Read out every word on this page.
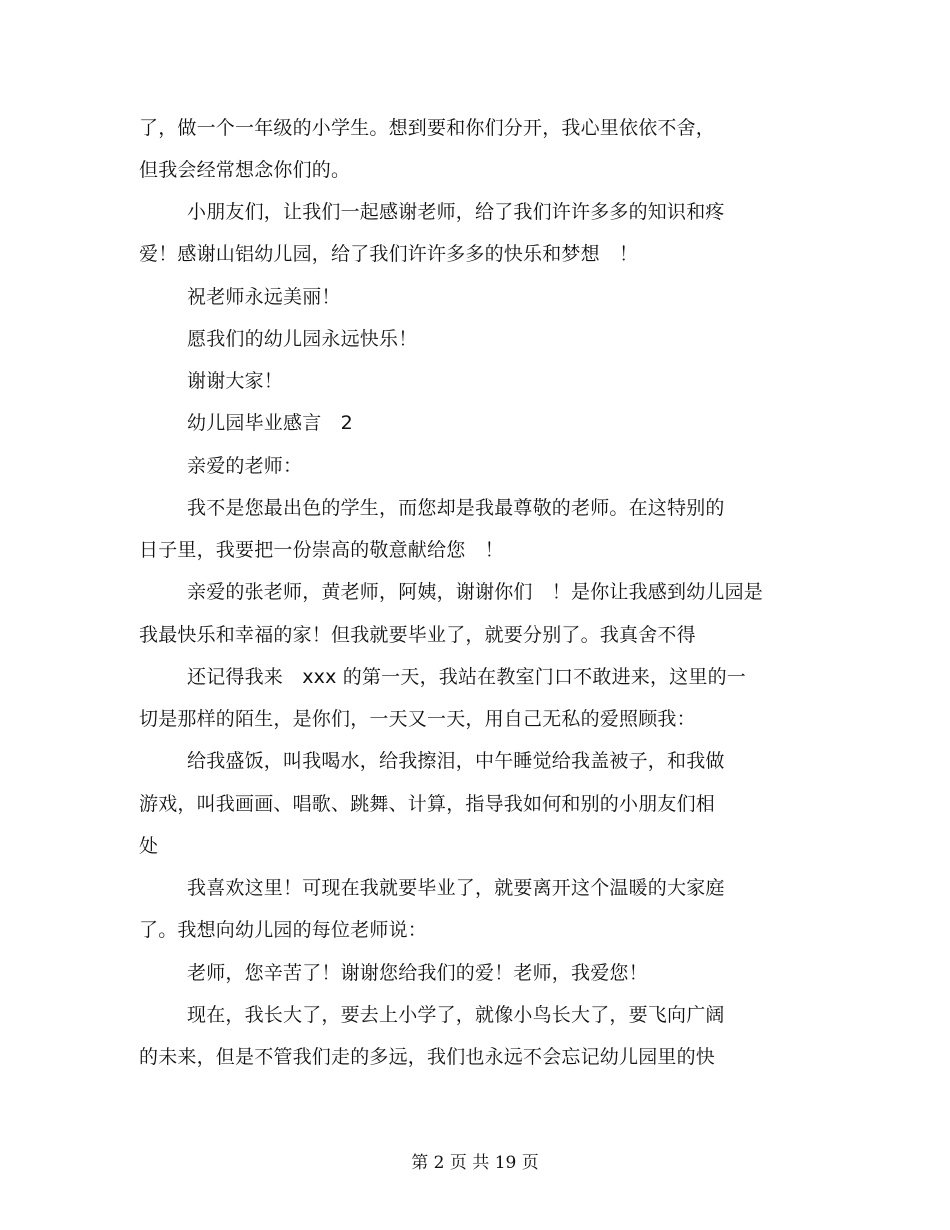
了，做一个一年级的小学生。想到要和你们分开，我心里依依不舍，
但我会经常想念你们的。
小朋友们，让我们一起感谢老师，给了我们许许多多的知识和疼
爱！感谢山铝幼儿园，给了我们许许多多的快乐和梦想　！
祝老师永远美丽！
愿我们的幼儿园永远快乐！
谢谢大家！
幼儿园毕业感言　2
亲爱的老师：
我不是您最出色的学生，而您却是我最尊敬的老师。在这特别的
日子里，我要把一份崇高的敬意献给您　！
亲爱的张老师，黄老师，阿姨，谢谢你们　！是你让我感到幼儿园是
我最快乐和幸福的家！但我就要毕业了，就要分别了。我真舍不得
还记得我来　xxx 的第一天，我站在教室门口不敢进来，这里的一
切是那样的陌生，是你们，一天又一天，用自己无私的爱照顾我：
给我盛饭，叫我喝水，给我擦泪，中午睡觉给我盖被子，和我做
游戏，叫我画画、唱歌、跳舞、计算，指导我如何和别的小朋友们相
处
我喜欢这里！可现在我就要毕业了，就要离开这个温暖的大家庭
了。我想向幼儿园的每位老师说：
老师，您辛苦了！谢谢您给我们的爱！老师，我爱您！
现在，我长大了，要去上小学了，就像小鸟长大了，要飞向广阔
的未来，但是不管我们走的多远，我们也永远不会忘记幼儿园里的快
第 2 页 共 19 页
